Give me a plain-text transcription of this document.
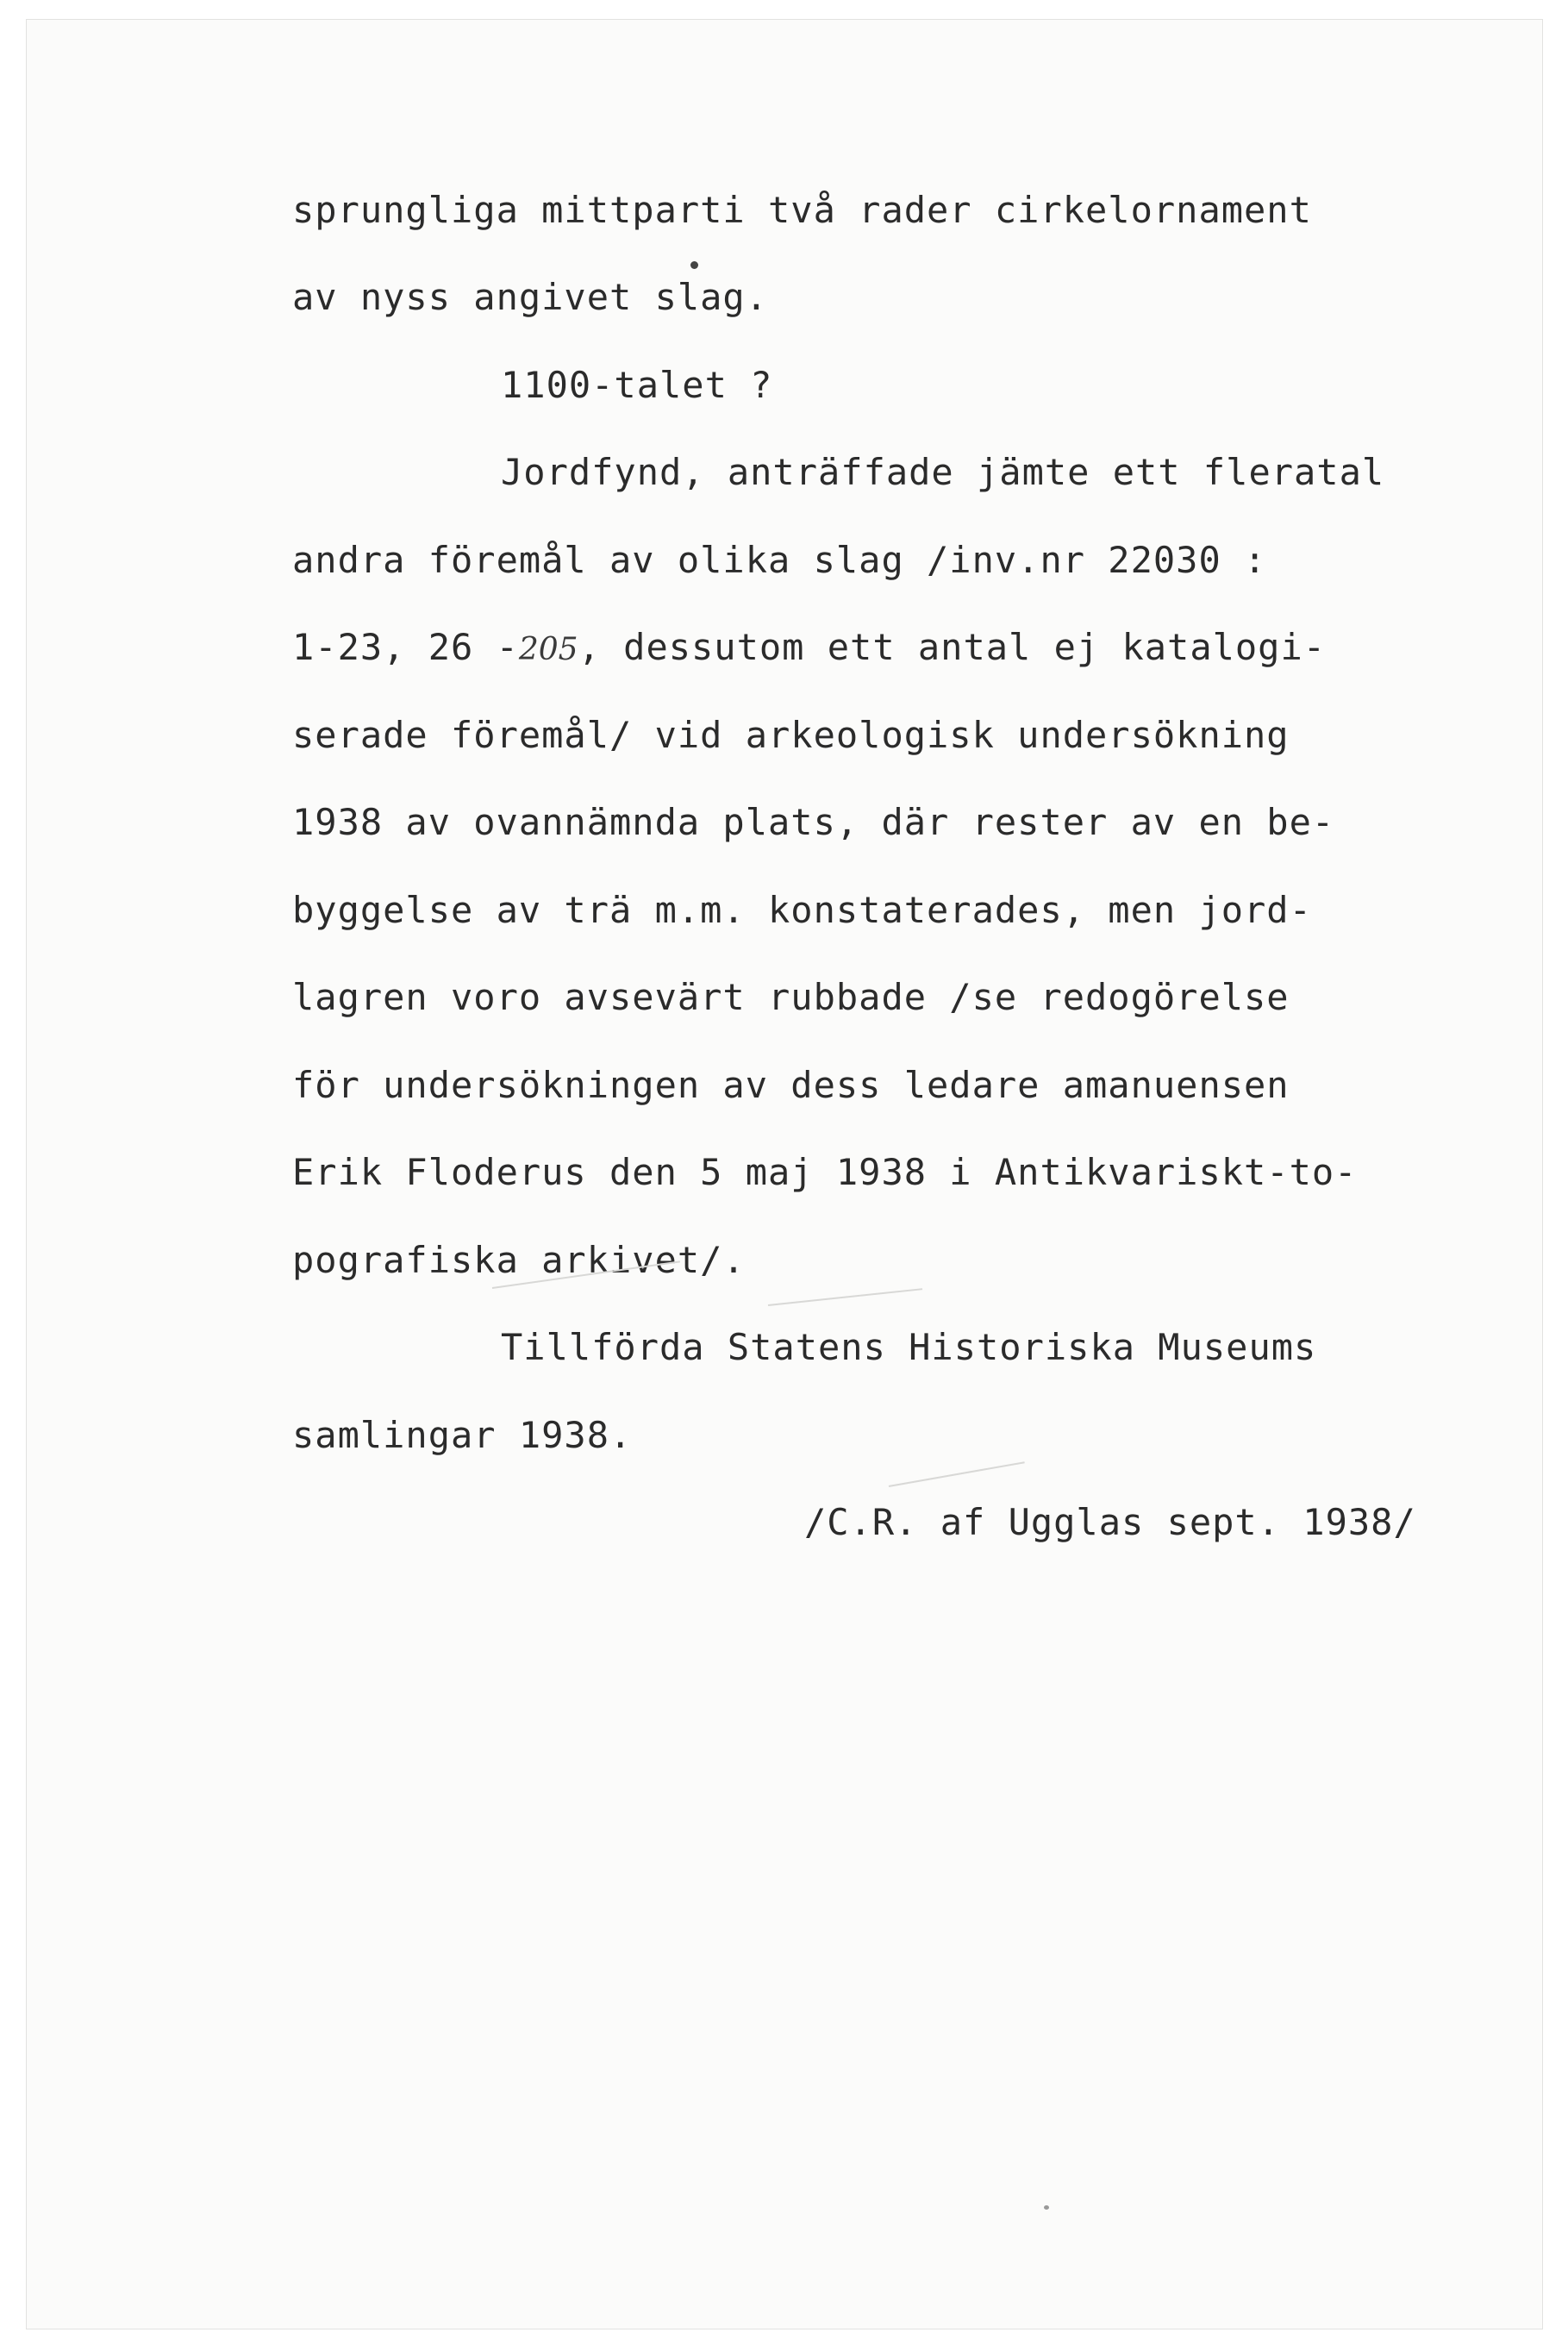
sprungliga mittparti två rader cirkelornament
av nyss angivet slag.
1100-talet ?
Jordfynd, anträffade jämte ett fleratal
andra föremål av olika slag /inv.nr 22030 :
1-23, 26 -205, dessutom ett antal ej katalogi-
serade föremål/ vid arkeologisk undersökning
1938 av ovannämnda plats, där rester av en be-
byggelse av trä m.m. konstaterades, men jord-
lagren voro avsevärt rubbade /se redogörelse
för undersökningen av dess ledare amanuensen
Erik Floderus den 5 maj 1938 i Antikvariskt-to-
pografiska arkivet/.
Tillförda Statens Historiska Museums
samlingar 1938.
/C.R. af Ugglas sept. 1938/
